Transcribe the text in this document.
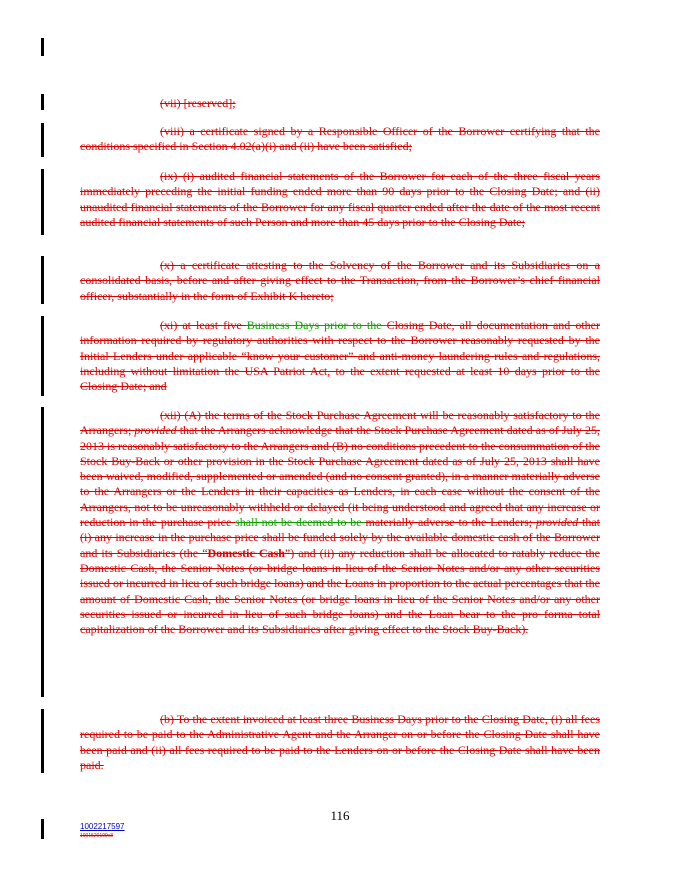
(vii) [reserved];
(viii) a certificate signed by a Responsible Officer of the Borrower certifying that the conditions specified in Section 4.02(a)(i) and (ii) have been satisfied;
(ix) (i) audited financial statements of the Borrower for each of the three fiscal years immediately preceding the initial funding ended more than 90 days prior to the Closing Date; and (ii) unaudited financial statements of the Borrower for any fiscal quarter ended after the date of the most recent audited financial statements of such Person and more than 45 days prior to the Closing Date;
(x) a certificate attesting to the Solvency of the Borrower and its Subsidiaries on a consolidated basis, before and after giving effect to the Transaction, from the Borrower’s chief financial officer, substantially in the form of Exhibit K hereto;
(xi) at least five Business Days prior to the Closing Date, all documentation and other information required by regulatory authorities with respect to the Borrower reasonably requested by the Initial Lenders under applicable “know your customer” and anti-money laundering rules and regulations, including without limitation the USA Patriot Act, to the extent requested at least 10 days prior to the Closing Date; and
(xii) (A) the terms of the Stock Purchase Agreement will be reasonably satisfactory to the Arrangers; provided that the Arrangers acknowledge that the Stock Purchase Agreement dated as of July 25, 2013 is reasonably satisfactory to the Arrangers and (B) no conditions precedent to the consummation of the Stock Buy-Back or other provision in the Stock Purchase Agreement dated as of July 25, 2013 shall have been waived, modified, supplemented or amended (and no consent granted), in a manner materially adverse to the Arrangers or the Lenders in their capacities as Lenders, in each case without the consent of the Arrangers, not to be unreasonably withheld or delayed (it being understood and agreed that any increase or reduction in the purchase price shall not be deemed to be materially adverse to the Lenders; provided that (i) any increase in the purchase price shall be funded solely by the available domestic cash of the Borrower and its Subsidiaries (the “Domestic Cash”) and (ii) any reduction shall be allocated to ratably reduce the Domestic Cash, the Senior Notes (or bridge loans in lieu of the Senior Notes and/or any other securities issued or incurred in lieu of such bridge loans) and the Loans in proportion to the actual percentages that the amount of Domestic Cash, the Senior Notes (or bridge loans in lieu of the Senior Notes and/or any other securities issued or incurred in lieu of such bridge loans) and the Loan bear to the pro forma total capitalization of the Borrower and its Subsidiaries after giving effect to the Stock Buy-Back).
(b) To the extent invoiced at least three Business Days prior to the Closing Date, (i) all fees required to be paid to the Administrative Agent and the Arranger on or before the Closing Date shall have been paid and (ii) all fees required to be paid to the Lenders on or before the Closing Date shall have been paid.
116
1002217597
1001520109v3
